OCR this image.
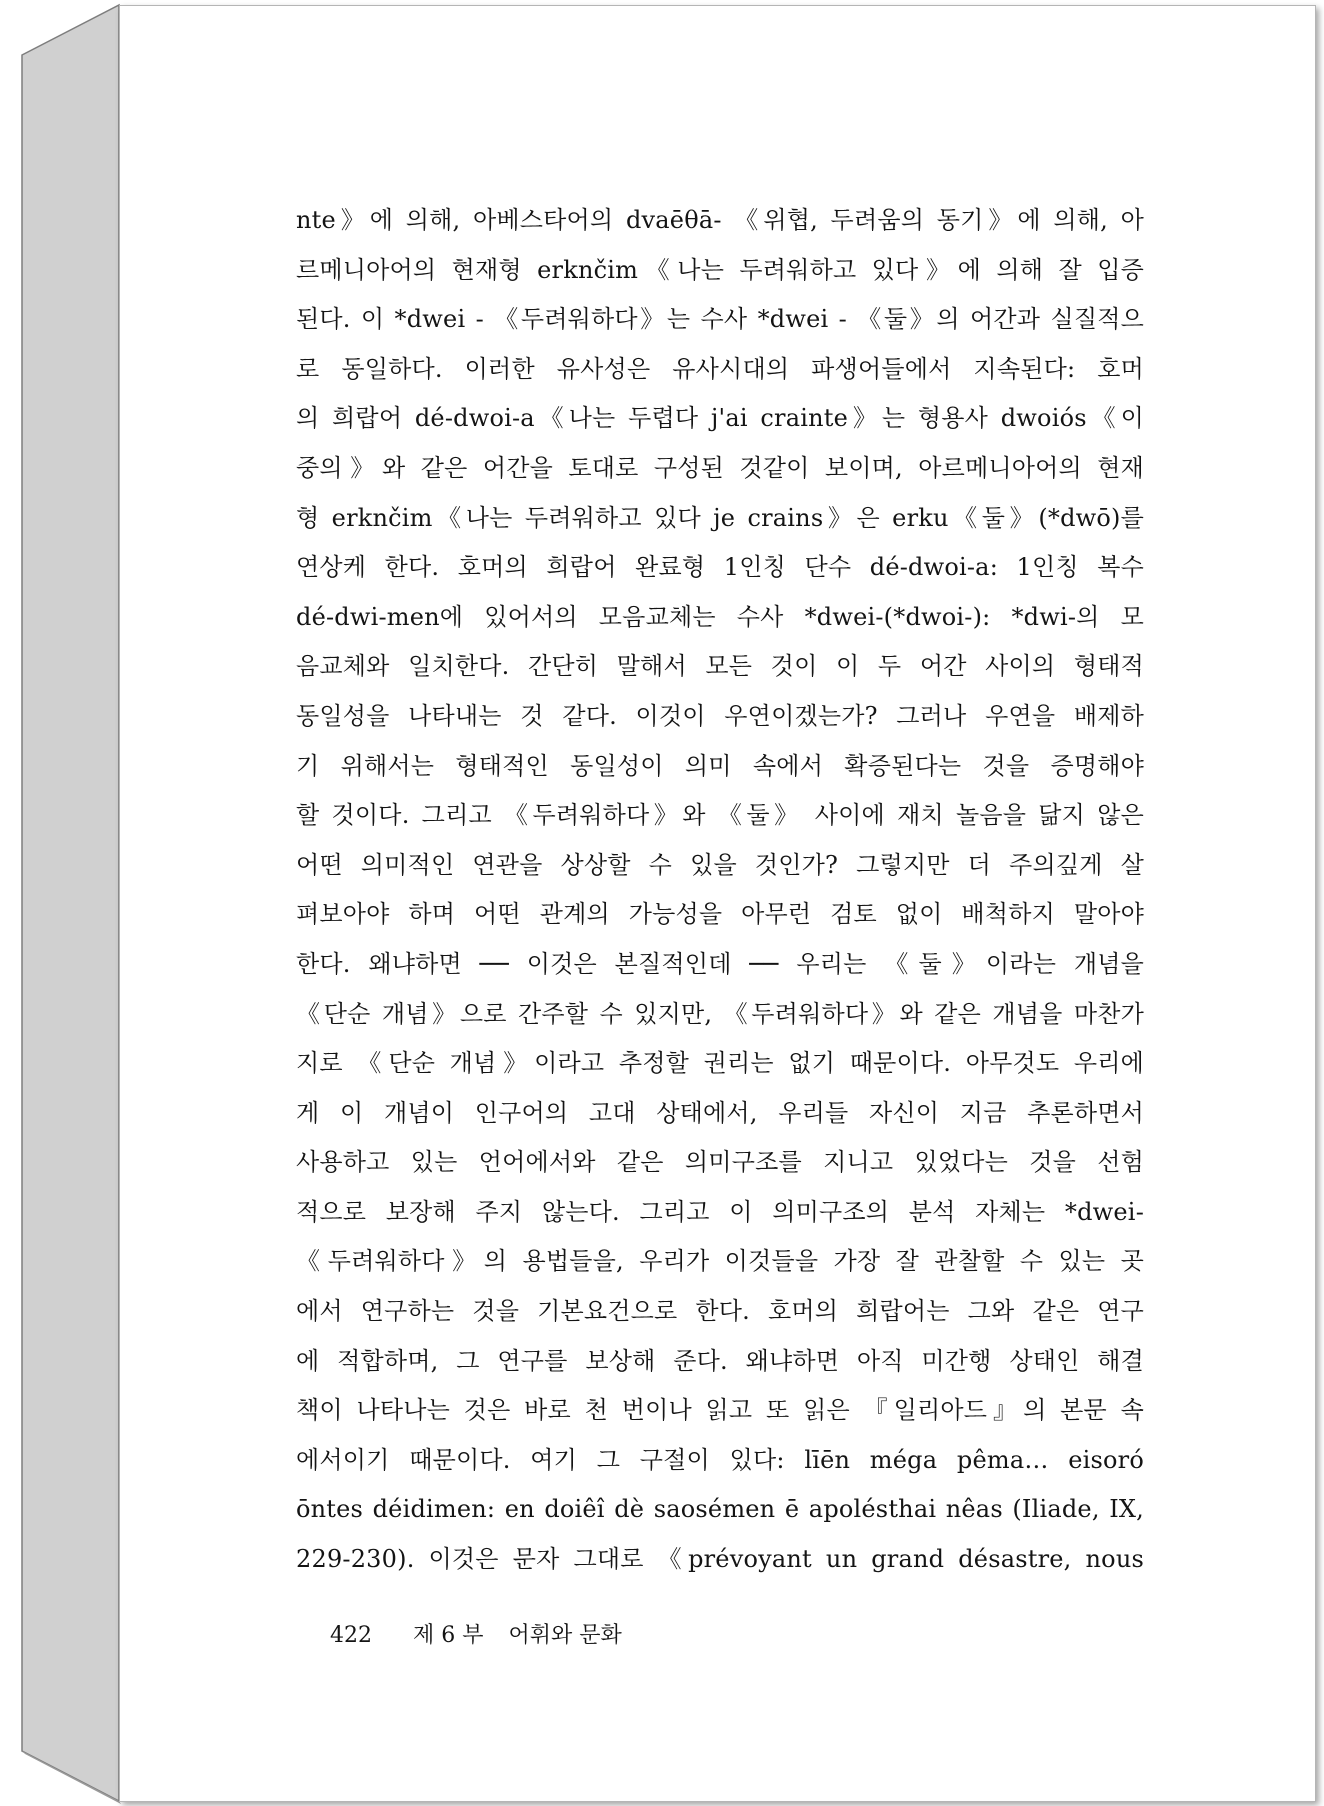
nte》에 의해, 아베스타어의 dvaēθā- 《위협, 두려움의 동기》에 의해, 아
르메니아어의 현재형 erknčim《나는 두려워하고 있다》에 의해 잘 입증
된다. 이 *dwei - 《두려워하다》는 수사 *dwei - 《둘》의 어간과 실질적으
로 동일하다. 이러한 유사성은 유사시대의 파생어들에서 지속된다: 호머
의 희랍어 dé-dwoi-a《나는 두렵다 j'ai crainte》는 형용사 dwoiós《이
중의》와 같은 어간을 토대로 구성된 것같이 보이며, 아르메니아어의 현재
형 erknčim《나는 두려워하고 있다 je crains》은 erku《둘》(*dwō)를
연상케 한다. 호머의 희랍어 완료형 1인칭 단수 dé-dwoi-a: 1인칭 복수
dé-dwi-men에 있어서의 모음교체는 수사 *dwei-(*dwoi-): *dwi-의 모
음교체와 일치한다. 간단히 말해서 모든 것이 이 두 어간 사이의 형태적
동일성을 나타내는 것 같다. 이것이 우연이겠는가? 그러나 우연을 배제하
기 위해서는 형태적인 동일성이 의미 속에서 확증된다는 것을 증명해야
할 것이다. 그리고 《두려워하다》와 《둘》 사이에 재치 놀음을 닮지 않은
어떤 의미적인 연관을 상상할 수 있을 것인가? 그렇지만 더 주의깊게 살
펴보아야 하며 어떤 관계의 가능성을 아무런 검토 없이 배척하지 말아야
한다. 왜냐하면 ── 이것은 본질적인데 ── 우리는 《둘》이라는 개념을
《단순 개념》으로 간주할 수 있지만, 《두려워하다》와 같은 개념을 마찬가
지로 《단순 개념》이라고 추정할 권리는 없기 때문이다. 아무것도 우리에
게 이 개념이 인구어의 고대 상태에서, 우리들 자신이 지금 추론하면서
사용하고 있는 언어에서와 같은 의미구조를 지니고 있었다는 것을 선험
적으로 보장해 주지 않는다. 그리고 이 의미구조의 분석 자체는 *dwei-
《두려워하다》의 용법들을, 우리가 이것들을 가장 잘 관찰할 수 있는 곳
에서 연구하는 것을 기본요건으로 한다. 호머의 희랍어는 그와 같은 연구
에 적합하며, 그 연구를 보상해 준다. 왜냐하면 아직 미간행 상태인 해결
책이 나타나는 것은 바로 천 번이나 읽고 또 읽은 『일리아드』의 본문 속
에서이기 때문이다. 여기 그 구절이 있다: līēn méga pêma… eisoró
ōntes déidimen: en doiêî dè saosémen ē apolésthai nêas (Iliade, IX,
229-230). 이것은 문자 그대로 《prévoyant un grand désastre, nous
422 제 6 부 어휘와 문화
